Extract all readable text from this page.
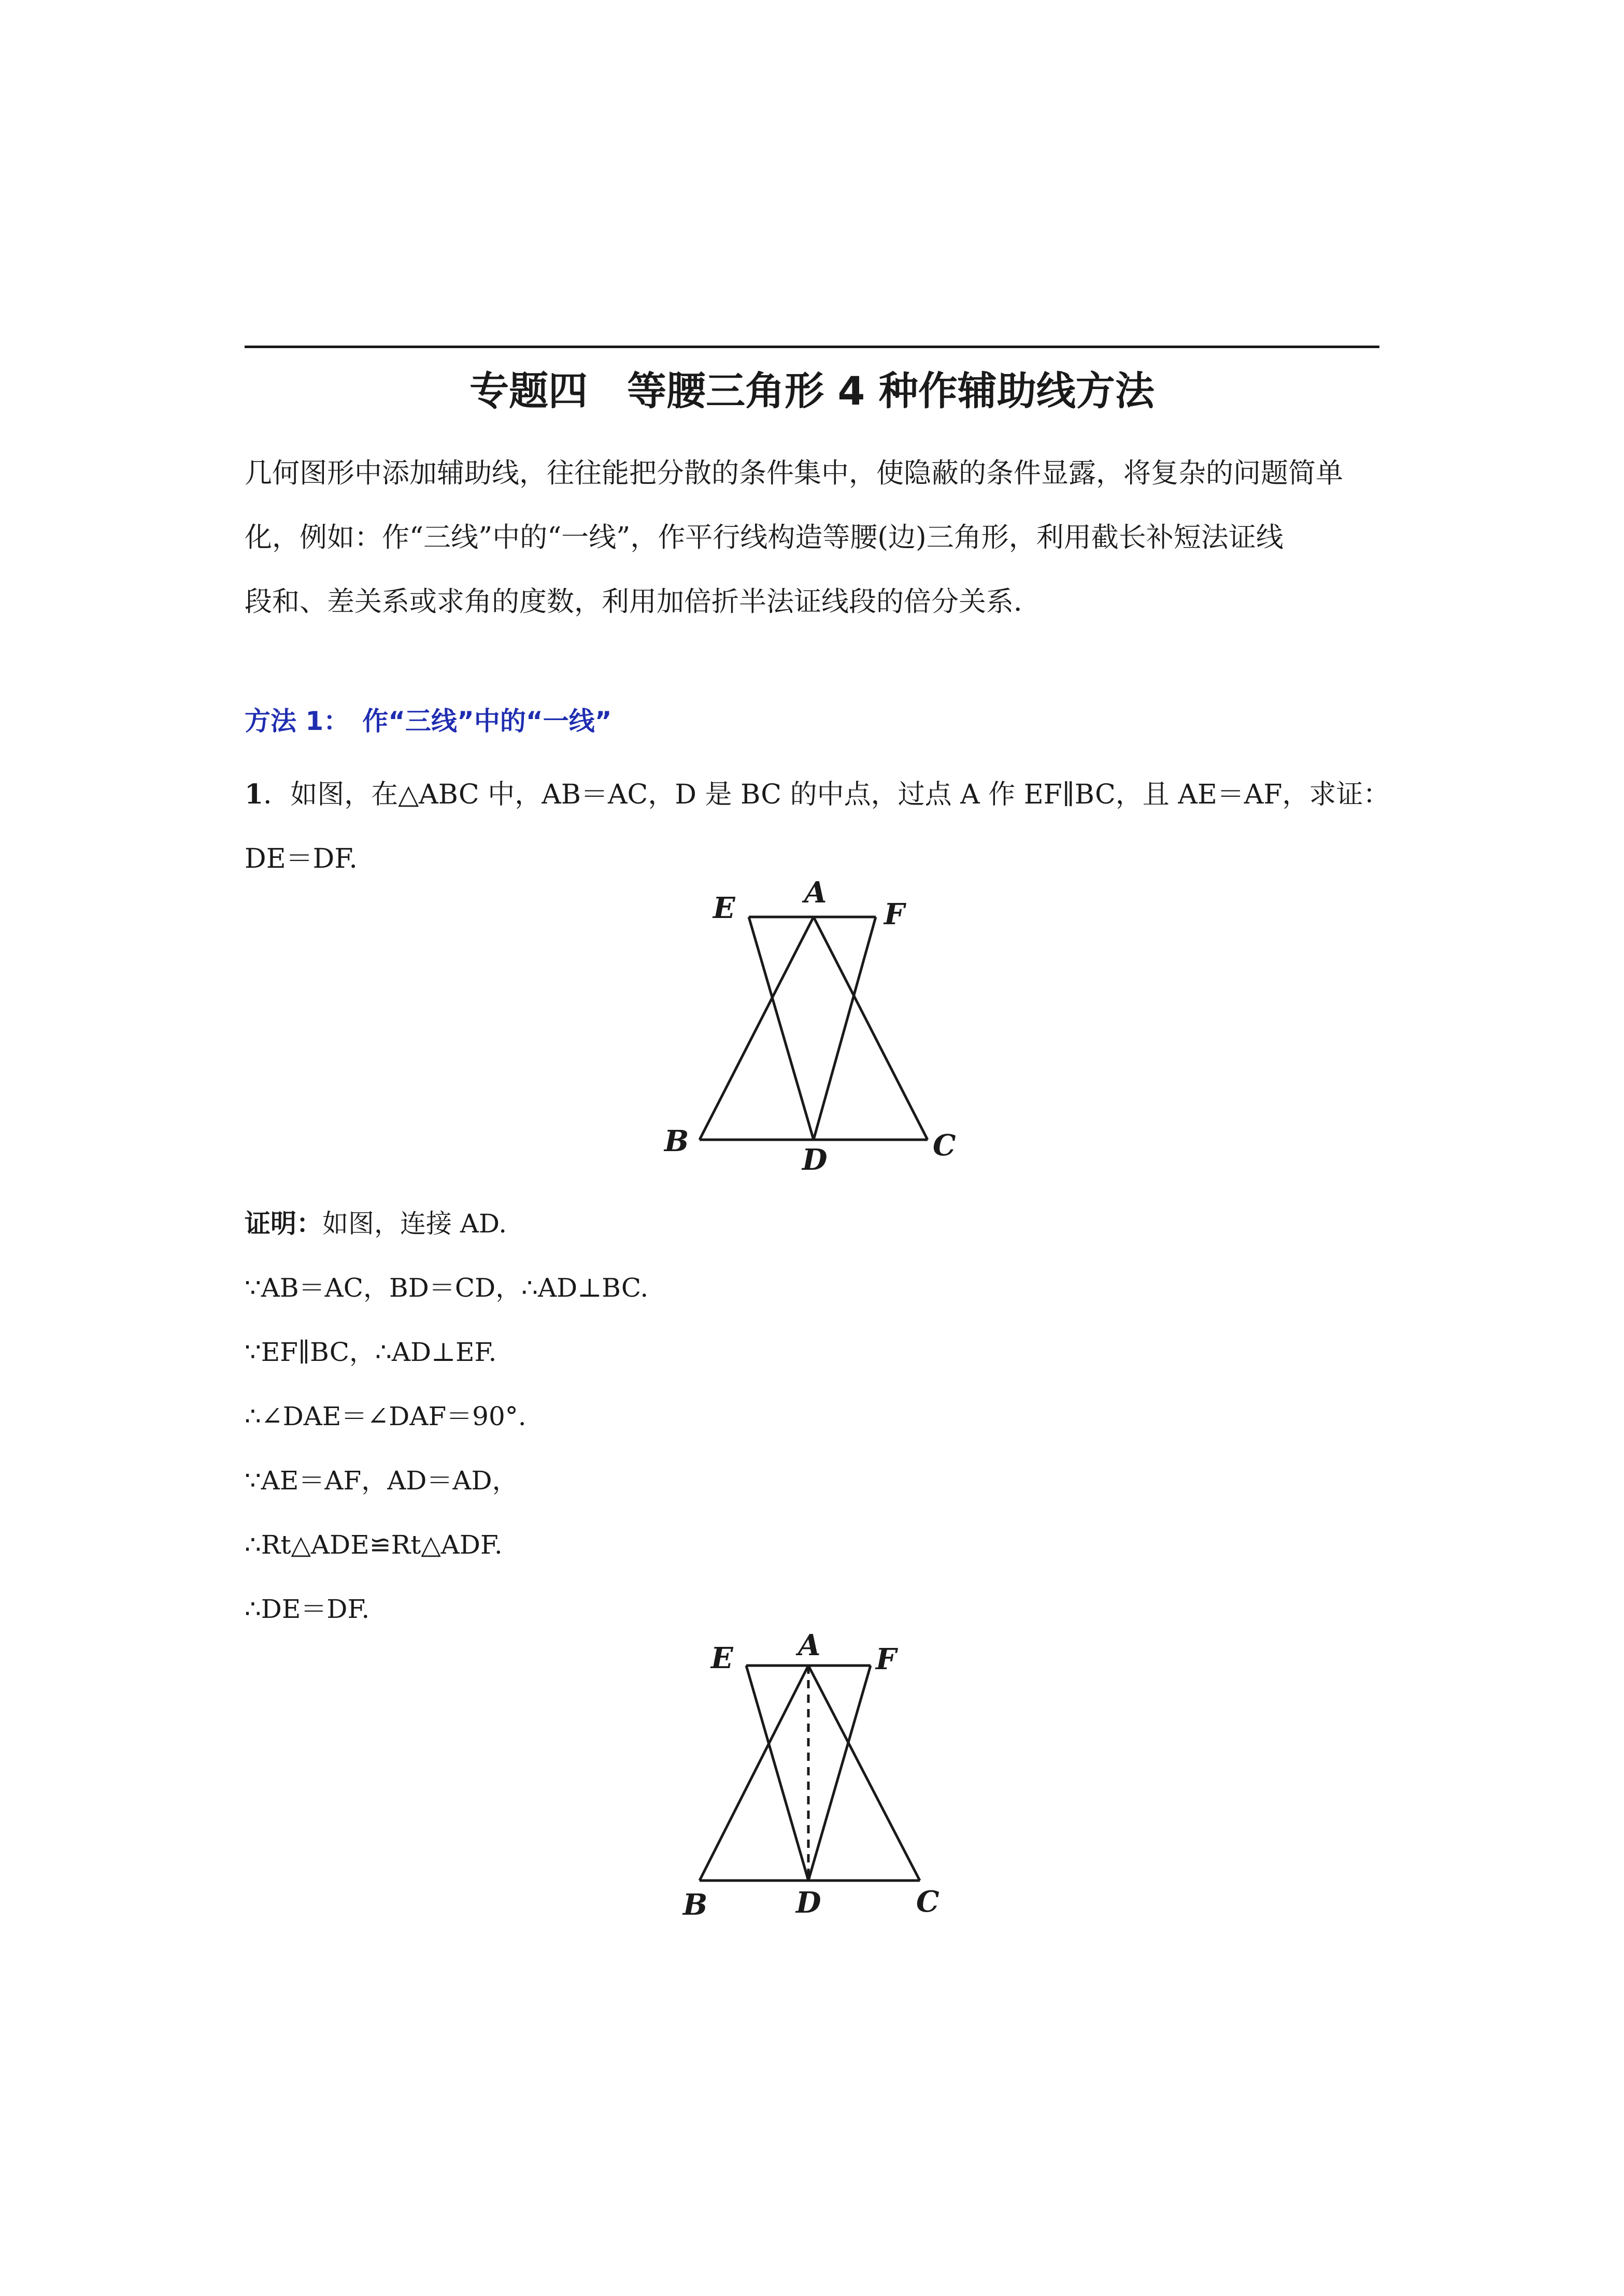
专题四　等腰三角形 4 种作辅助线方法
几何图形中添加辅助线，往往能把分散的条件集中，使隐蔽的条件显露，将复杂的问题简单
化，例如：作“三线”中的“一线”，作平行线构造等腰(边)三角形，利用截长补短法证线
段和、差关系或求角的度数，利用加倍折半法证线段的倍分关系．
方法 1：　作“三线”中的“一线”
1．如图，在△ABC 中，AB＝AC，D 是 BC 的中点，过点 A 作 EF∥BC，且 AE＝AF，求证：
DE＝DF.
A
E	F
B	C
D
证明：如图，连接 AD.
∵AB＝AC，BD＝CD，∴AD⊥BC.
∵EF∥BC，∴AD⊥EF.
∴∠DAE＝∠DAF＝90°.
∵AE＝AF，AD＝AD，
∴Rt△ADE≌Rt△ADF.
∴DE＝DF.
A
E	F
B	C
D
